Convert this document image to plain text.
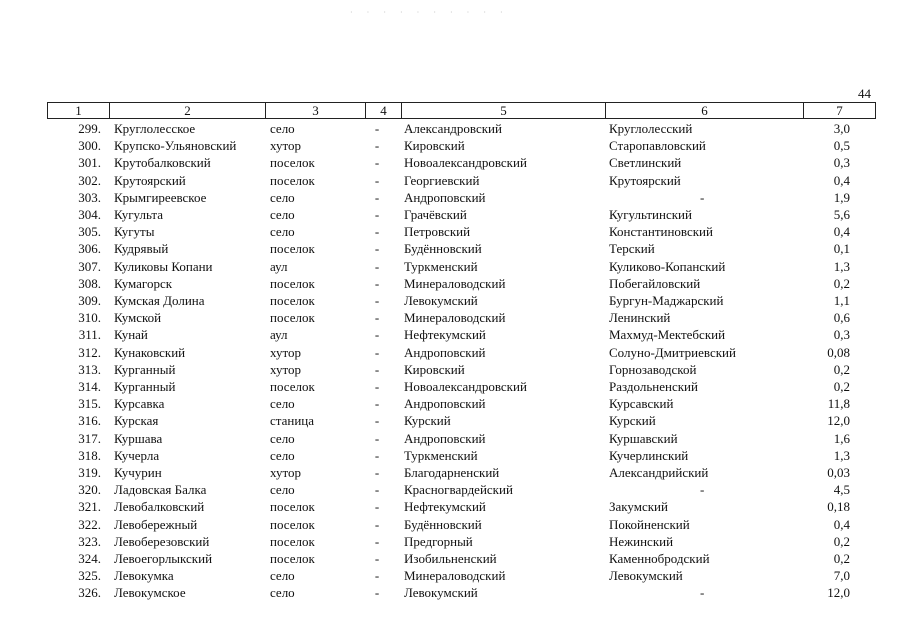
· · · · · · · · · ·
44
1	2	3	4	5	6	7
299. Круглолесское	село	- Александровский	Круглолесский	3,0
300. Крупско-Ульяновский	хутор	- Кировский	Старопавловский	0,5
301. Крутобалковский	поселок	- Новоалександровский	Светлинский	0,3
302. Крутоярский	поселок	- Георгиевский	Крутоярский	0,4
303. Крымгиреевское	село	- Андроповский	-	1,9
304. Кугульта	село	- Грачёвский	Кугультинский	5,6
305. Кугуты	село	- Петровский	Константиновский	0,4
306. Кудрявый	поселок	- Будённовский	Терский	0,1
307. Куликовы Копани	аул	- Туркменский	Куликово-Копанский	1,3
308. Кумагорск	поселок	- Минераловодский	Побегайловский	0,2
309. Кумская Долина	поселок	- Левокумский	Бургун-Маджарский	1,1
310. Кумской	поселок	- Минераловодский	Ленинский	0,6
311. Кунай	аул	- Нефтекумский	Махмуд-Мектебский	0,3
312. Кунаковский	хутор	- Андроповский	Солуно-Дмитриевский	0,08
313. Курганный	хутор	- Кировский	Горнозаводской	0,2
314. Курганный	поселок	- Новоалександровский	Раздольненский	0,2
315. Курсавка	село	- Андроповский	Курсавский	11,8
316. Курская	станица	- Курский	Курский	12,0
317. Куршава	село	- Андроповский	Куршавский	1,6
318. Кучерла	село	- Туркменский	Кучерлинский	1,3
319. Кучурин	хутор	- Благодарненский	Александрийский	0,03
320. Ладовская Балка	село	- Красногвардейский	-	4,5
321. Левобалковский	поселок	- Нефтекумский	Закумский	0,18
322. Левобережный	поселок	- Будённовский	Покойненский	0,4
323. Левоберезовский	поселок	- Предгорный	Нежинский	0,2
324. Левоегорлыкский	поселок	- Изобильненский	Каменнобродский	0,2
325. Левокумка	село	- Минераловодский	Левокумский	7,0
326. Левокумское	село	- Левокумский	-	12,0
